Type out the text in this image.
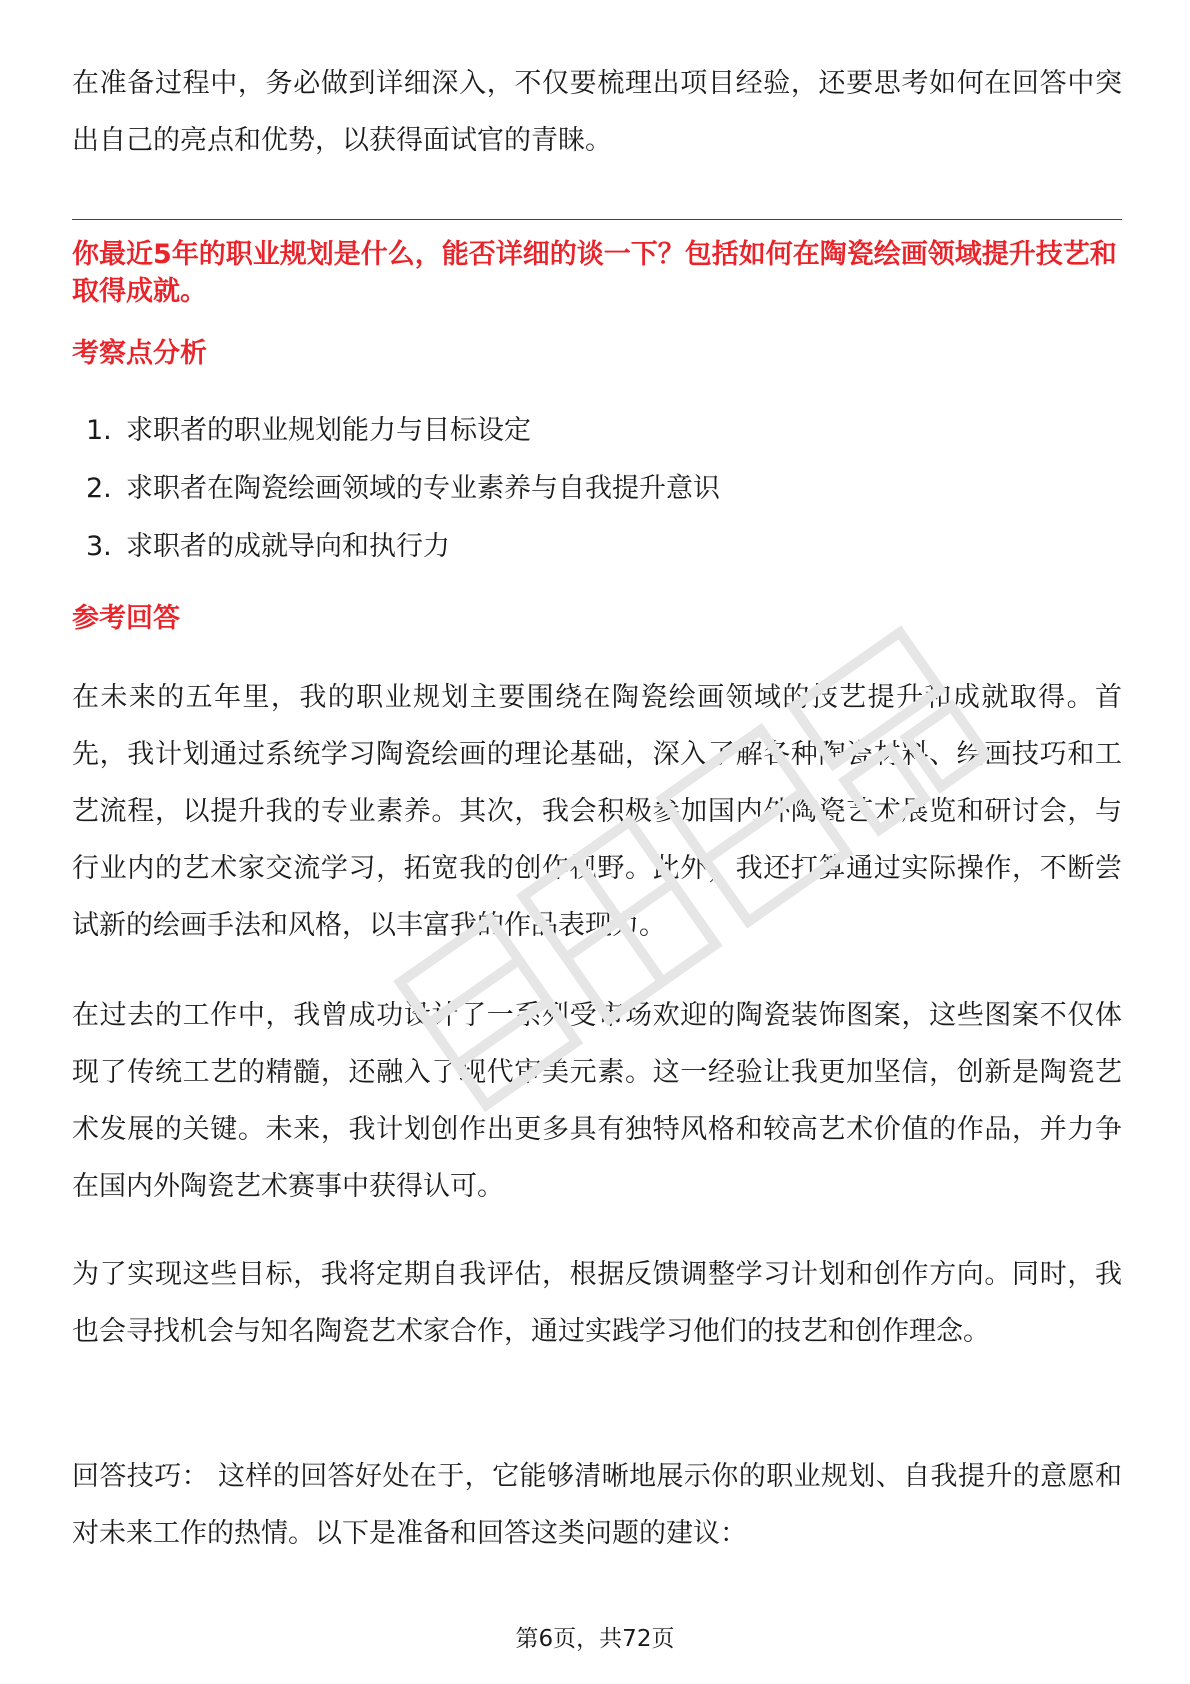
在准备过程中，务必做到详细深入，不仅要梳理出项目经验，还要思考如何在回答中突出自己的亮点和优势，以获得面试官的青睐。

你最近5年的职业规划是什么，能否详细的谈一下？包括如何在陶瓷绘画领域提升技艺和取得成就。

考察点分析

1. 求职者的职业规划能力与目标设定
2. 求职者在陶瓷绘画领域的专业素养与自我提升意识
3. 求职者的成就导向和执行力

参考回答

在未来的五年里，我的职业规划主要围绕在陶瓷绘画领域的技艺提升和成就取得。首先，我计划通过系统学习陶瓷绘画的理论基础，深入了解各种陶瓷材料、绘画技巧和工艺流程，以提升我的专业素养。其次，我会积极参加国内外陶瓷艺术展览和研讨会，与行业内的艺术家交流学习，拓宽我的创作视野。此外，我还打算通过实际操作，不断尝试新的绘画手法和风格，以丰富我的作品表现力。

在过去的工作中，我曾成功设计了一系列受市场欢迎的陶瓷装饰图案，这些图案不仅体现了传统工艺的精髓，还融入了现代审美元素。这一经验让我更加坚信，创新是陶瓷艺术发展的关键。未来，我计划创作出更多具有独特风格和较高艺术价值的作品，并力争在国内外陶瓷艺术赛事中获得认可。

为了实现这些目标，我将定期自我评估，根据反馈调整学习计划和创作方向。同时，我也会寻找机会与知名陶瓷艺术家合作，通过实践学习他们的技艺和创作理念。

回答技巧： 这样的回答好处在于，它能够清晰地展示你的职业规划、自我提升的意愿和对未来工作的热情。以下是准备和回答这类问题的建议：

第6页，共72页
